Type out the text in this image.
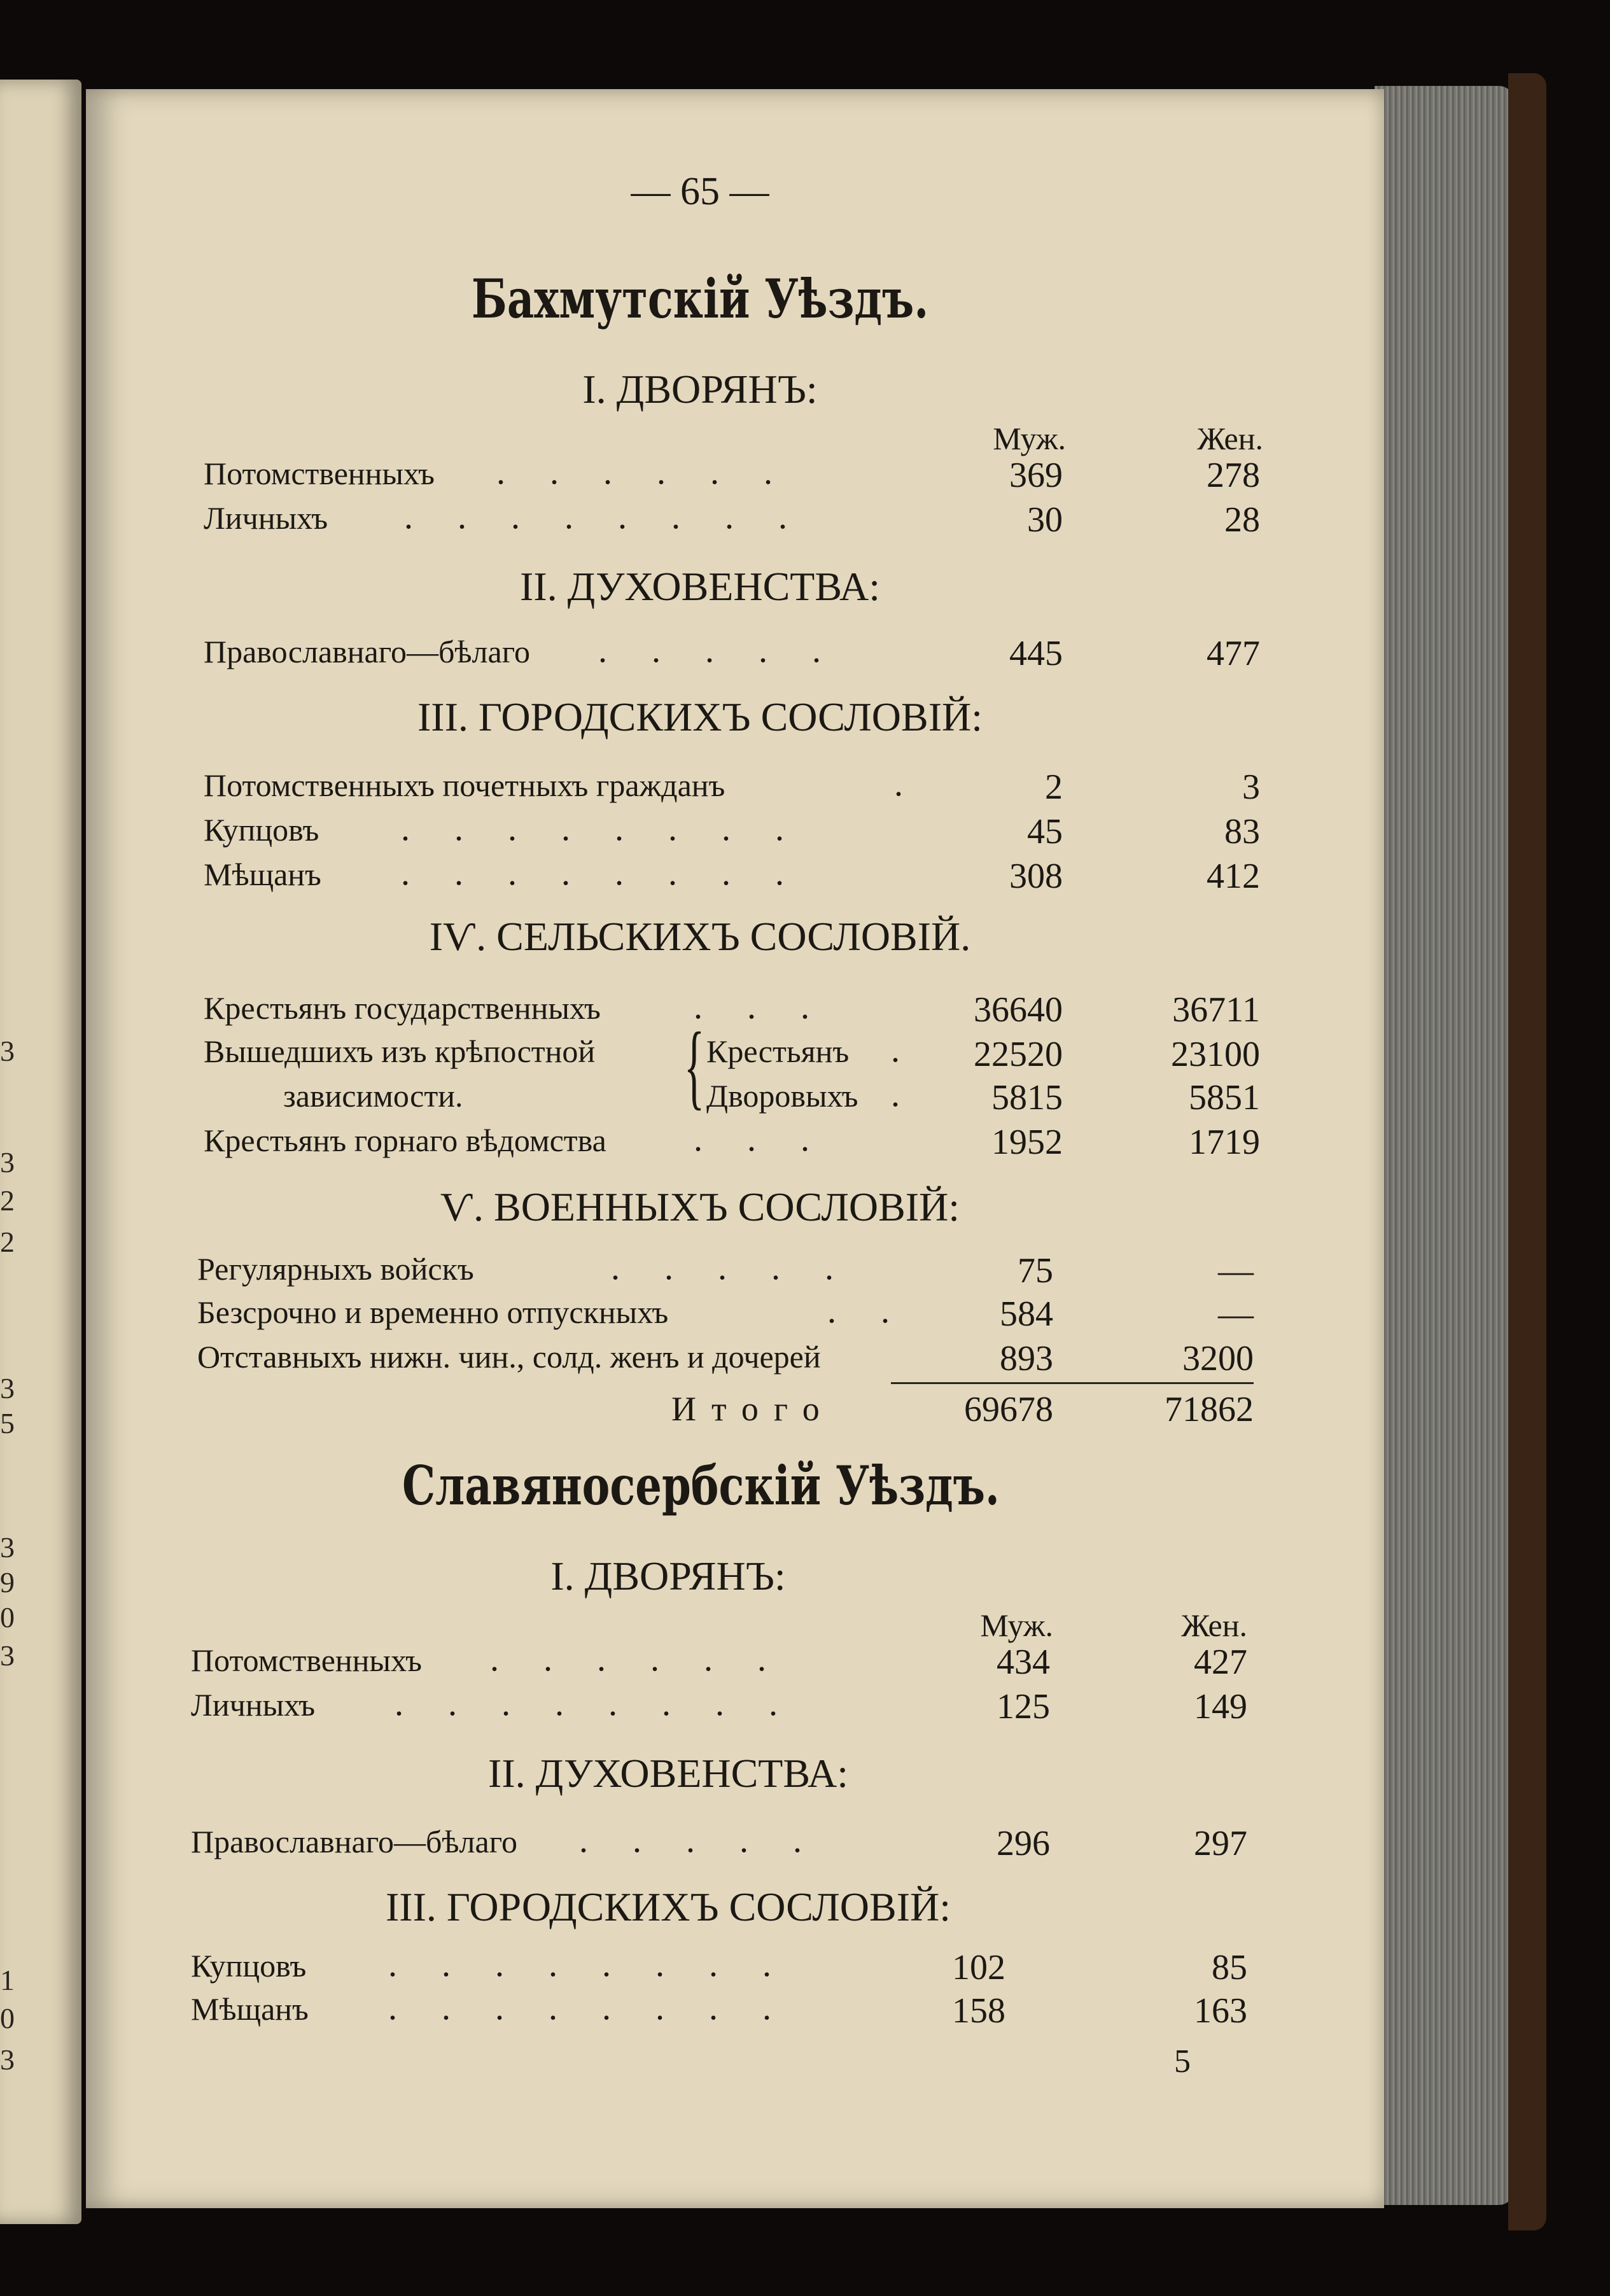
3
3
2
2
3
5
3
9
0
3
1
0
3
— 65 —
Бахмутскій Уѣздъ.
I. ДВОРЯНЪ:
Муж.	Жен.
Потомственныхъ .     .     .     .     .     .	369	278
Личныхъ .     .     .     .     .     .     .     .	30	28
II. ДУХОВЕНСТВА:
Православнаго—бѣлаго .     .     .     .     .	445	477
III. ГОРОДСКИХЪ СОСЛОВІЙ:
Потомственныхъ почетныхъ гражданъ	.	2	3
Купцовъ .     .     .     .     .     .     .     .	45	83
Мѣщанъ .     .     .     .     .     .     .     .	308	412
IѴ. СЕЛЬСКИХЪ СОСЛОВІЙ.
Крестьянъ государственныхъ	.     .     .	36640	36711
Вышедшихъ изъ крѣпостной
зависимости. { Крестьянъ .	22520	23100
Дворовыхъ .	5815	5851
Крестьянъ горнаго вѣдомства .     .     .	1952	1719
Ѵ. ВОЕННЫХЪ СОСЛОВІЙ:
Регулярныхъ войскъ	.     .     .     .     .	75	—
Безсрочно и временно отпускныхъ	.     .	584	—
Отставныхъ нижн. чин., солд. женъ и дочерей	893	3200
Итого	69678	71862
Славяносербскій Уѣздъ.
I. ДВОРЯНЪ:
Муж.	Жен.
Потомственныхъ .     .     .     .     .     .	434	427
Личныхъ .     .     .     .     .     .     .     .	125	149
II. ДУХОВЕНСТВА:
Православнаго—бѣлаго .     .     .     .     .	296	297
III. ГОРОДСКИХЪ СОСЛОВІЙ:
Купцовъ .     .     .     .     .     .     .     .	102	85
Мѣщанъ .     .     .     .     .     .     .     .	158	163
5
